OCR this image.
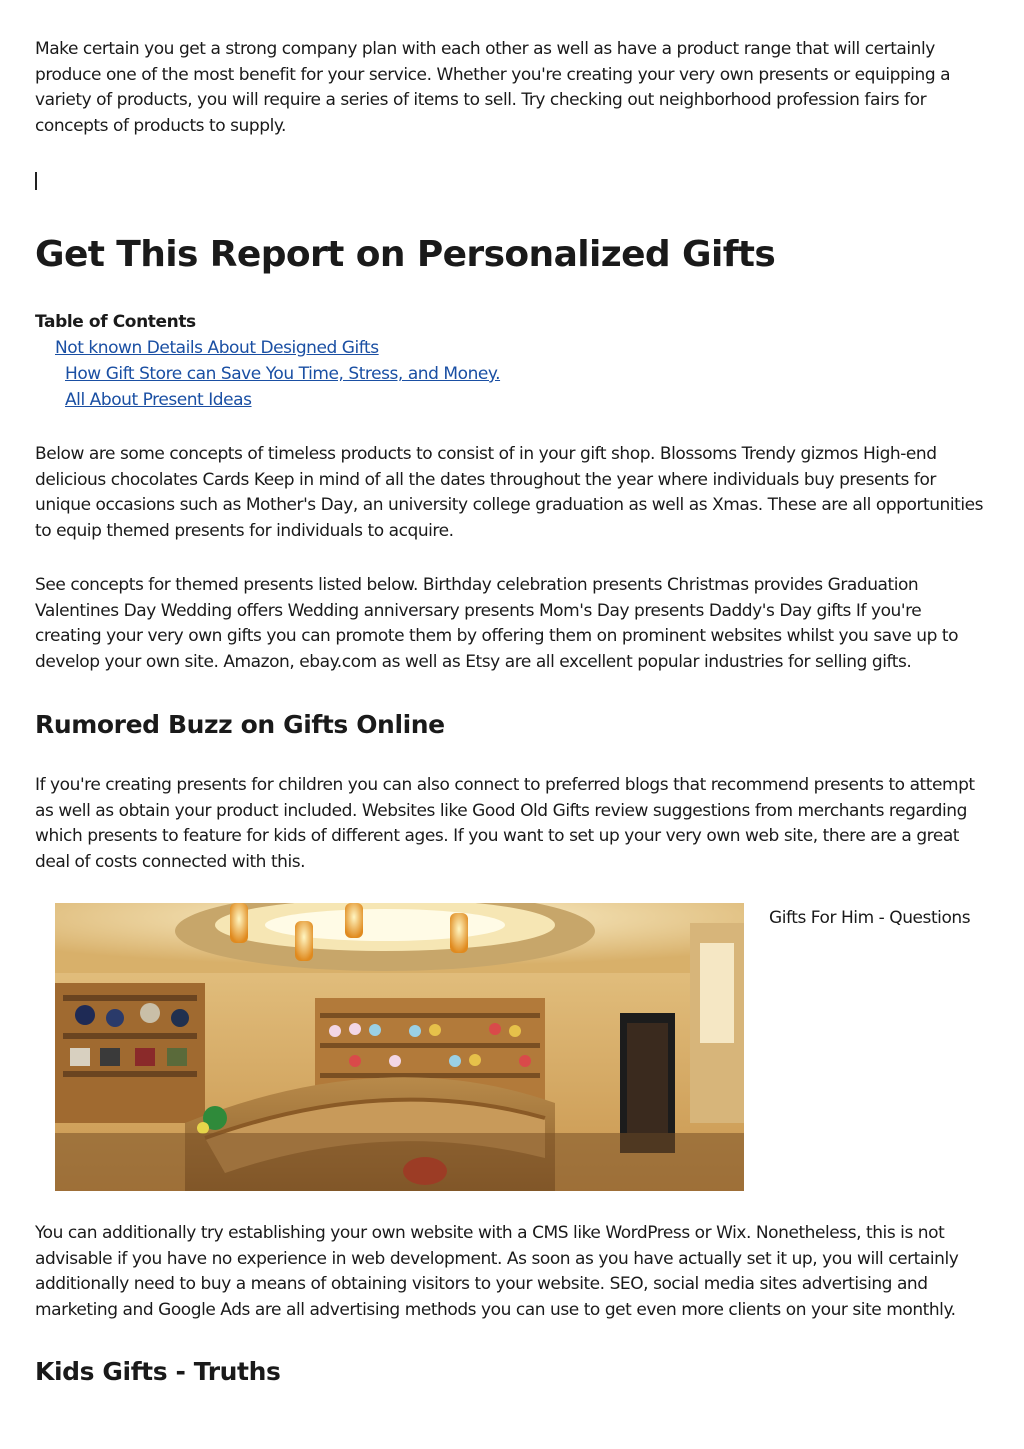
Make certain you get a strong company plan with each other as well as have a product range that will certainly produce one of the most benefit for your service. Whether you're creating your very own presents or equipping a variety of products, you will require a series of items to sell. Try checking out neighborhood profession fairs for concepts of products to supply.

Get This Report on Personalized Gifts
Table of Contents
Not known Details About Designed Gifts
How Gift Store can Save You Time, Stress, and Money.
All About Present Ideas

Below are some concepts of timeless products to consist of in your gift shop. Blossoms Trendy gizmos High-end delicious chocolates Cards Keep in mind of all the dates throughout the year where individuals buy presents for unique occasions such as Mother's Day, an university college graduation as well as Xmas. These are all opportunities to equip themed presents for individuals to acquire.

See concepts for themed presents listed below. Birthday celebration presents Christmas provides Graduation Valentines Day Wedding offers Wedding anniversary presents Mom's Day presents Daddy's Day gifts If you're creating your very own gifts you can promote them by offering them on prominent websites whilst you save up to develop your own site. Amazon, ebay.com as well as Etsy are all excellent popular industries for selling gifts.

Rumored Buzz on Gifts Online

If you're creating presents for children you can also connect to preferred blogs that recommend presents to attempt as well as obtain your product included. Websites like Good Old Gifts review suggestions from merchants regarding which presents to feature for kids of different ages. If you want to set up your very own web site, there are a great deal of costs connected with this.

Gifts For Him - Questions

You can additionally try establishing your own website with a CMS like WordPress or Wix. Nonetheless, this is not advisable if you have no experience in web development. As soon as you have actually set it up, you will certainly additionally need to buy a means of obtaining visitors to your website. SEO, social media sites advertising and marketing and Google Ads are all advertising methods you can use to get even more clients on your site monthly.

Kids Gifts - Truths
